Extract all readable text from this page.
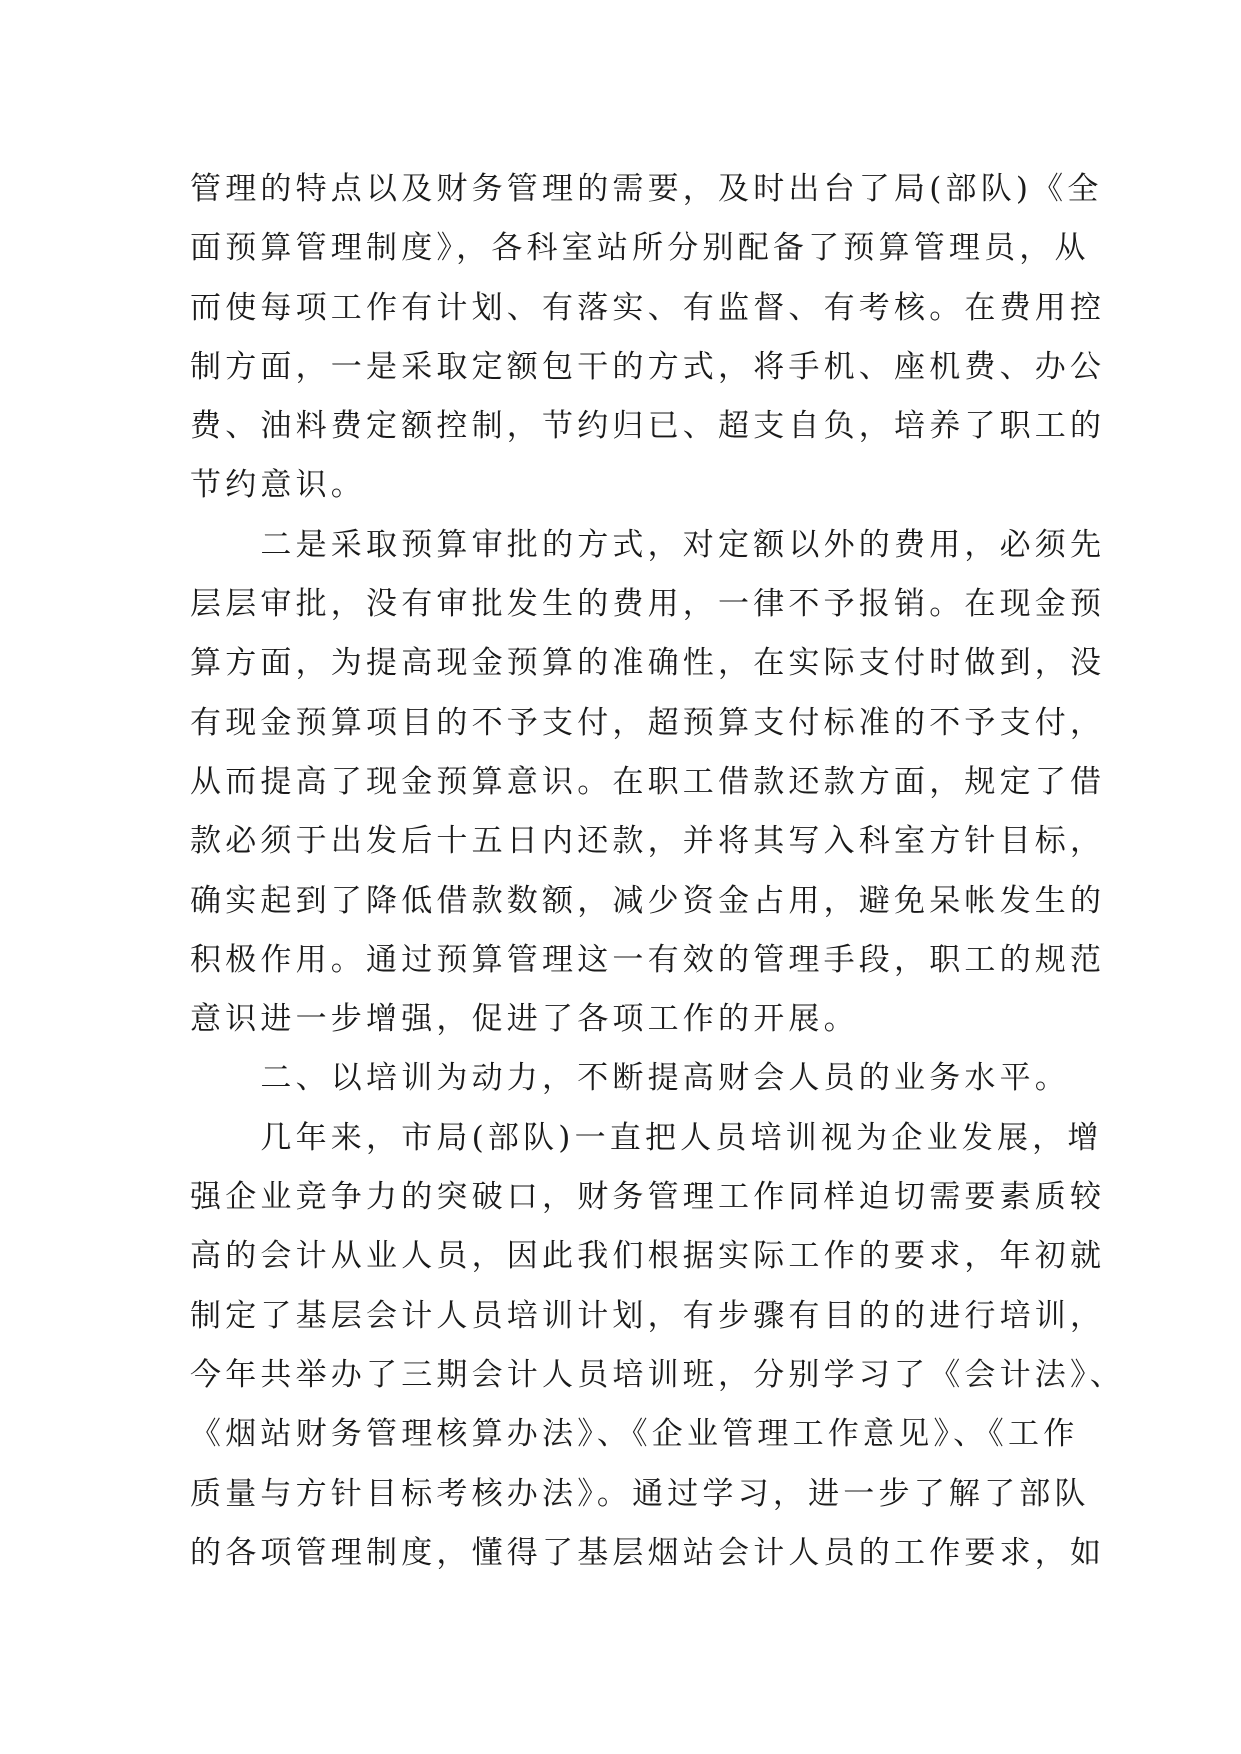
管理的特点以及财务管理的需要，及时出台了局(部队)《全
面预算管理制度》，各科室站所分别配备了预算管理员，从
而使每项工作有计划、有落实、有监督、有考核。在费用控
制方面，一是采取定额包干的方式，将手机、座机费、办公
费、油料费定额控制，节约归已、超支自负，培养了职工的
节约意识。
　　二是采取预算审批的方式，对定额以外的费用，必须先
层层审批，没有审批发生的费用，一律不予报销。在现金预
算方面，为提高现金预算的准确性，在实际支付时做到，没
有现金预算项目的不予支付，超预算支付标准的不予支付，
从而提高了现金预算意识。在职工借款还款方面，规定了借
款必须于出发后十五日内还款，并将其写入科室方针目标，
确实起到了降低借款数额，减少资金占用，避免呆帐发生的
积极作用。通过预算管理这一有效的管理手段，职工的规范
意识进一步增强，促进了各项工作的开展。
　　二、以培训为动力，不断提高财会人员的业务水平。
　　几年来，市局(部队)一直把人员培训视为企业发展，增
强企业竞争力的突破口，财务管理工作同样迫切需要素质较
高的会计从业人员，因此我们根据实际工作的要求，年初就
制定了基层会计人员培训计划，有步骤有目的的进行培训，
今年共举办了三期会计人员培训班，分别学习了《会计法》、
《烟站财务管理核算办法》、《企业管理工作意见》、《工作
质量与方针目标考核办法》。通过学习，进一步了解了部队
的各项管理制度，懂得了基层烟站会计人员的工作要求，如
